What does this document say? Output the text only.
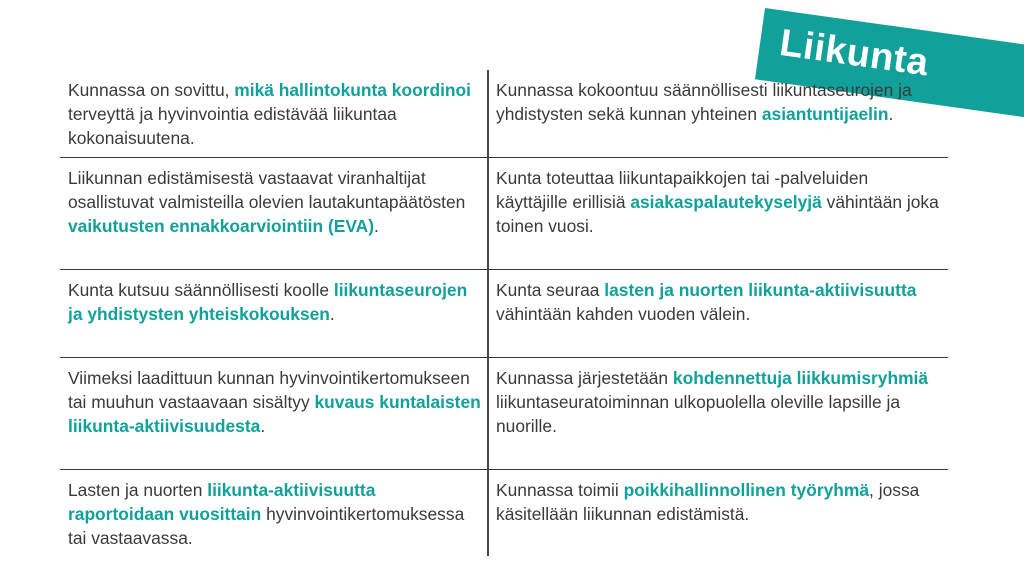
Liikunta
Kunnassa on sovittu, mikä hallintokunta koordinoi terveyttä ja hyvinvointia edistävää liikuntaa kokonaisuutena.
Kunnassa kokoontuu säännöllisesti liikuntaseurojen ja yhdistysten sekä kunnan yhteinen asiantuntijaelin.
Liikunnan edistämisestä vastaavat viranhaltijat osallistuvat valmisteilla olevien lautakuntapäätösten vaikutusten ennakkoarviointiin (EVA).
Kunta toteuttaa liikuntapaikkojen tai -palveluiden käyttäjille erillisiä asiakaspalautekyselyjä vähintään joka toinen vuosi.
Kunta kutsuu säännöllisesti koolle liikuntaseurojen ja yhdistysten yhteiskokouksen.
Kunta seuraa lasten ja nuorten liikunta-aktiivisuutta vähintään kahden vuoden välein.
Viimeksi laadittuun kunnan hyvinvointikertomukseen tai muuhun vastaavaan sisältyy kuvaus kuntalaisten liikunta-aktiivisuudesta.
Kunnassa järjestetään kohdennettuja liikkumisryhmiä liikuntaseuratoiminnan ulkopuolella oleville lapsille ja nuorille.
Lasten ja nuorten liikunta-aktiivisuutta raportoidaan vuosittain hyvinvointikertomuksessa tai vastaavassa.
Kunnassa toimii poikkihallinnollinen työryhmä, jossa käsitellään liikunnan edistämistä.
